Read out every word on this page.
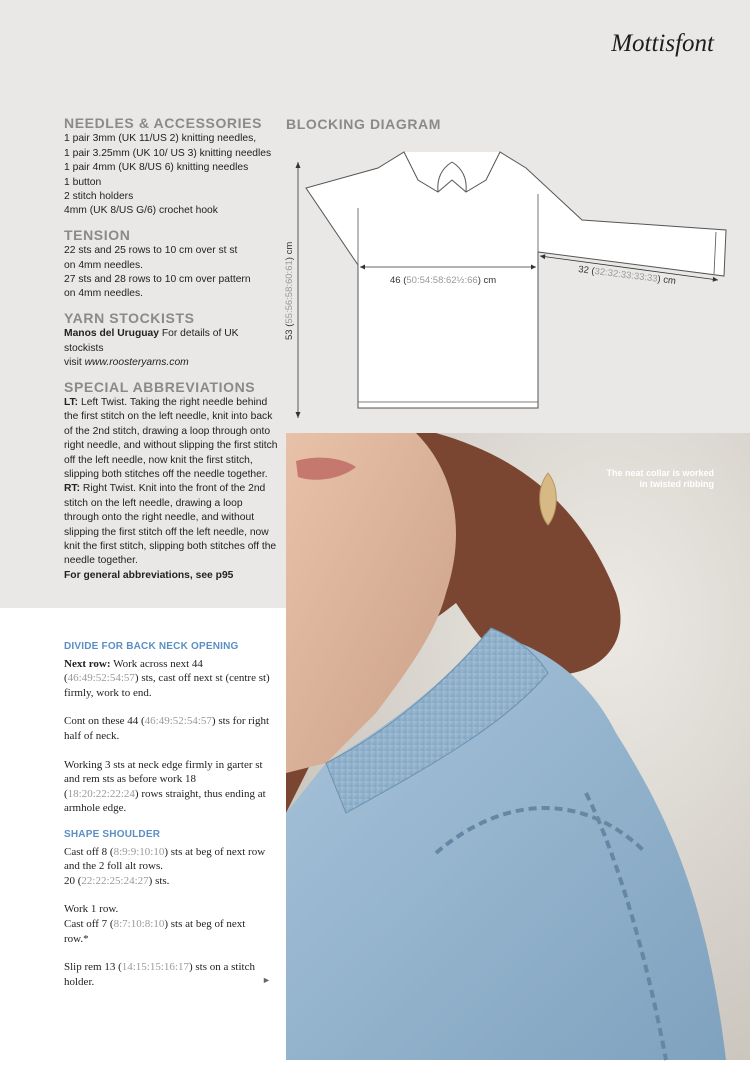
Mottisfont
NEEDLES & ACCESSORIES

1 pair 3mm (UK 11/US 2) knitting needles,

1 pair 3.25mm (UK 10/ US 3) knitting needles

1 pair 4mm (UK 8/US 6) knitting needles

1 button

2 stitch holders

4mm (UK 8/US G/6) crochet hook

TENSION

22 sts and 25 rows to 10 cm over st st

on 4mm needles.

27 sts and 28 rows to 10 cm over pattern

on 4mm needles.

YARN STOCKISTS

Manos del Uruguay For details of UK stockists
visit www.roosteryarns.com

SPECIAL ABBREVIATIONS

LT: Left Twist. Taking the right needle behind the first stitch on the left needle, knit into back of the 2nd stitch, drawing a loop through onto right needle, and without slipping the first stitch off the left needle, now knit the first stitch, slipping both stitches off the needle together.

RT: Right Twist. Knit into the front of the 2nd stitch on the left needle, drawing a loop through onto the right needle, and without slipping the first stitch off the left needle, now knit the first stitch, slipping both stitches off the needle together.

For general abbreviations, see p95

BLOCKING DIAGRAM
46 (50:54:58:62½:66) cm
32 (32:32:33:33:33) cm
53 (55:56:58:60:61) cm
The neat collar is worked in twisted ribbing
DIVIDE FOR BACK NECK OPENING

Next row: Work across next 44 (46:49:52:54:57) sts, cast off next st (centre st) firmly, work to end.

Cont on these 44 (46:49:52:54:57) sts for right half of neck.

Working 3 sts at neck edge firmly in garter st and rem sts as before work 18 (18:20:22:22:24) rows straight, thus ending at armhole edge.

SHAPE SHOULDER

Cast off 8 (8:9:9:10:10) sts at beg of next row and the 2 foll alt rows.
20 (22:22:25:24:27) sts.

Work 1 row.
Cast off 7 (8:7:10:8:10) sts at beg of next row.*

Slip rem 13 (14:15:15:16:17) sts on a stitch holder.	►
